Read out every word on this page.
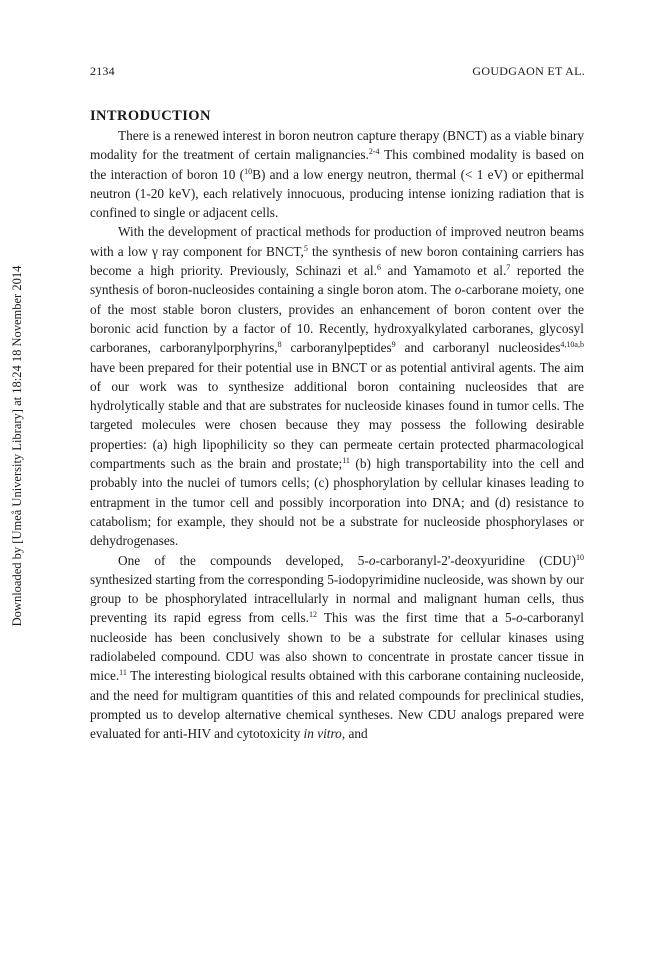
2134	GOUDGAON ET AL.
Downloaded by [Umeå University Library] at 18:24 18 November 2014
INTRODUCTION

There is a renewed interest in boron neutron capture therapy (BNCT) as a viable binary modality for the treatment of certain malignancies.$^{2-4}$ This combined modality is based on the interaction of boron 10 ($^{10}$B) and a low energy neutron, thermal (< 1 eV) or epithermal neutron (1-20 keV), each relatively innocuous, producing intense ionizing radiation that is confined to single or adjacent cells.

With the development of practical methods for production of improved neutron beams with a low γ ray component for BNCT,$^5$ the synthesis of new boron containing carriers has become a high priority. Previously, Schinazi et al.$^6$ and Yamamoto et al.$^7$ reported the synthesis of boron-nucleosides containing a single boron atom. The o-carborane moiety, one of the most stable boron clusters, provides an enhancement of boron content over the boronic acid function by a factor of 10. Recently, hydroxyalkylated carboranes, glycosyl carboranes, carboranylporphyrins,$^8$ carboranylpeptides$^9$ and carboranyl nucleosides$^{4,10a,b}$ have been prepared for their potential use in BNCT or as potential antiviral agents. The aim of our work was to synthesize additional boron containing nucleosides that are hydrolytically stable and that are substrates for nucleoside kinases found in tumor cells. The targeted molecules were chosen because they may possess the following desirable properties: (a) high lipophilicity so they can permeate certain protected pharmacological compartments such as the brain and prostate;$^{11}$ (b) high transportability into the cell and probably into the nuclei of tumors cells; (c) phosphorylation by cellular kinases leading to entrapment in the tumor cell and possibly incorporation into DNA; and (d) resistance to catabolism; for example, they should not be a substrate for nucleoside phosphorylases or dehydrogenases.

One of the compounds developed, 5-o-carboranyl-2'-deoxyuridine (CDU)$^{10}$ synthesized starting from the corresponding 5-iodopyrimidine nucleoside, was shown by our group to be phosphorylated intracellularly in normal and malignant human cells, thus preventing its rapid egress from cells.$^{12}$ This was the first time that a 5-o-carboranyl nucleoside has been conclusively shown to be a substrate for cellular kinases using radiolabeled compound. CDU was also shown to concentrate in prostate cancer tissue in mice.$^{11}$ The interesting biological results obtained with this carborane containing nucleoside, and the need for multigram quantities of this and related compounds for preclinical studies, prompted us to develop alternative chemical syntheses. New CDU analogs prepared were evaluated for anti-HIV and cytotoxicity in vitro, and
